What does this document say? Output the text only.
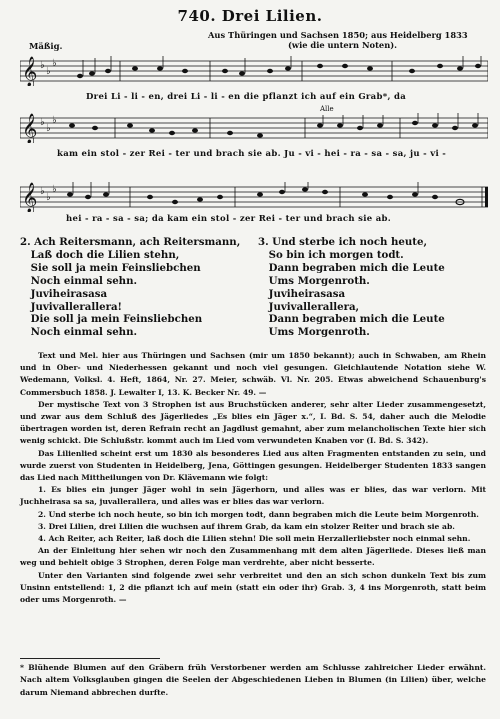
740. Drei Lilien.
Aus Thüringen und Sachsen 1850; aus Heidelberg 1833
(wie die untern Noten).
Mäßig.
𝄞 ♭
♭
♭
Drei Li - li - en, drei Li - li - en die pflanzt ich auf ein Grab*, da
Alle
𝄞 ♭
♭
♭
kam ein stol - zer Rei - ter und brach sie ab. Ju - vi - hei - ra - sa - sa, ju - vi -
𝄞 ♭
♭
♭
hei - ra - sa - sa; da kam ein stol - zer Rei - ter und brach sie ab.
2. Ach Reitersmann, ach Reitersmann,
Laß doch die Lilien stehn,
Sie soll ja mein Feinsliebchen
Noch einmal sehn.
Juviheirasasa
Juvivallerallera!
Die soll ja mein Feinsliebchen
Noch einmal sehn.
3. Und sterbe ich noch heute,
So bin ich morgen todt.
Dann begraben mich die Leute
Ums Morgenroth.
Juviheirasasa
Juvivallerallera,
Dann begraben mich die Leute
Ums Morgenroth.

Text und Mel. hier aus Thüringen und Sachsen (mir um 1850 bekannt); auch in Schwaben, am Rhein und in Ober- und Niederhessen gekannt und noch viel gesungen. Gleichlautende Notation siehe W. Wedemann, Volksl. 4. Heft, 1864, Nr. 27. Meier, schwäb. Vl. Nr. 205. Etwas abweichend Schauenburg's Commersbuch 1858. J. Lewalter I, 13. K. Becker Nr. 49. —

Der mystische Text von 3 Strophen ist aus Bruchstücken anderer, sehr alter Lieder zusammengesetzt, und zwar aus dem Schluß des Jägerliedes „Es blies ein Jäger x.“, I. Bd. S. 54, daher auch die Melodie übertragen worden ist, deren Refrain recht an Jagdlust gemahnt, aber zum melancholischen Texte hier sich wenig schickt. Die Schlußstr. kommt auch im Lied vom verwundeten Knaben vor (I. Bd. S. 342).

Das Lilienlied scheint erst um 1830 als besonderes Lied aus alten Fragmenten entstanden zu sein, und wurde zuerst von Studenten in Heidelberg, Jena, Göttingen gesungen. Heidelberger Studenten 1833 sangen das Lied nach Mittheilungen von Dr. Klävemann wie folgt:

1. Es blies ein junger Jäger wohl in sein Jägerhorn, und alles was er blies, das war verlorn. Mit Juchheirasa sa sa, juvallerallera, und alles was er blies das war verlorn.

2. Und sterbe ich noch heute, so bin ich morgen todt, dann begraben mich die Leute beim Morgenroth.

3. Drei Lilien, drei Lilien die wuchsen auf ihrem Grab, da kam ein stolzer Reiter und brach sie ab.

4. Ach Reiter, ach Reiter, laß doch die Lilien stehn! Die soll mein Herzallerliebster noch einmal sehn.

An der Einleitung hier sehen wir noch den Zusammenhang mit dem alten Jägerliede. Dieses ließ man weg und behielt obige 3 Strophen, deren Folge man verdrehte, aber nicht besserte.

Unter den Varianten sind folgende zwei sehr verbreitet und den an sich schon dunkeln Text bis zum Unsinn entstellend: 1, 2 die pflanzt ich auf mein (statt ein oder ihr) Grab. 3, 4 ins Morgenroth, statt beim oder ums Morgenroth. —

* Blühende Blumen auf den Gräbern früh Verstorbener werden am Schlusse zahlreicher Lieder erwähnt. Nach altem Volksglauben gingen die Seelen der Abgeschiedenen Lieben in Blumen (in Lilien) über, welche darum Niemand abbrechen durfte.
